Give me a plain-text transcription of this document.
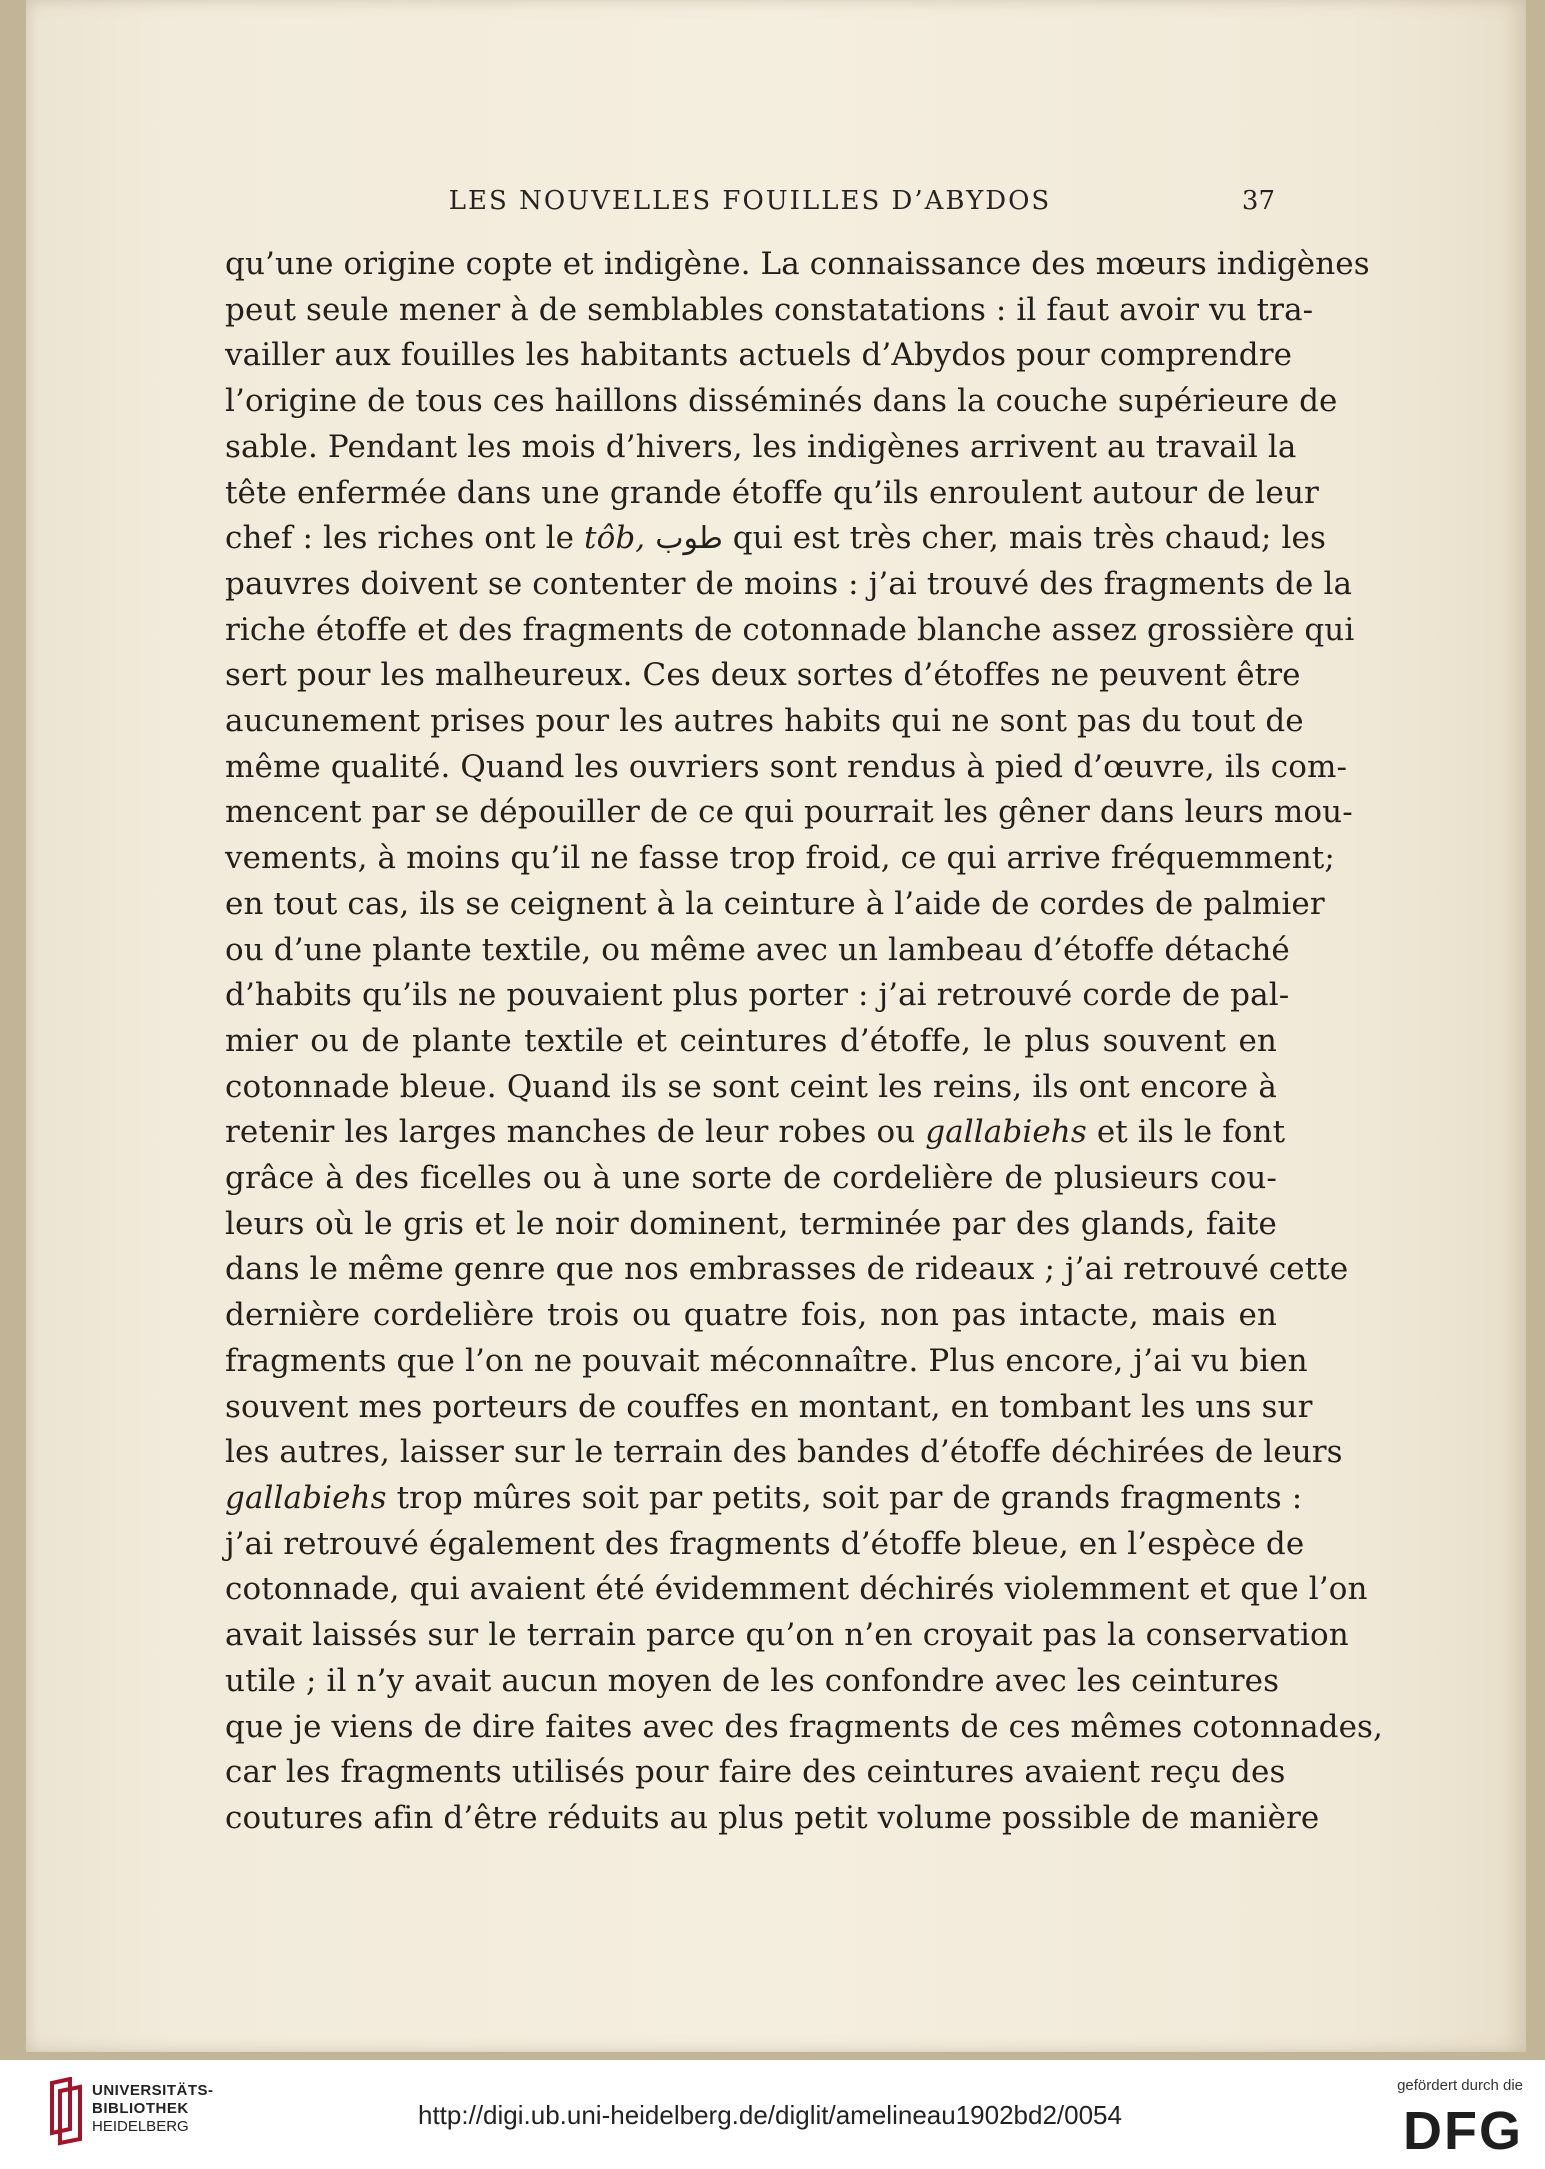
LES NOUVELLES FOUILLES D’ABYDOS	37
qu’une origine copte et indigène. La connaissance des mœurs indigènes
peut seule mener à de semblables constatations : il faut avoir vu tra-
vailler aux fouilles les habitants actuels d’Abydos pour comprendre
l’origine de tous ces haillons disséminés dans la couche supérieure de
sable. Pendant les mois d’hivers, les indigènes arrivent au travail la
tête enfermée dans une grande étoffe qu’ils enroulent autour de leur
chef : les riches ont le tôb, طوب qui est très cher, mais très chaud; les
pauvres doivent se contenter de moins : j’ai trouvé des fragments de la
riche étoffe et des fragments de cotonnade blanche assez grossière qui
sert pour les malheureux. Ces deux sortes d’étoffes ne peuvent être
aucunement prises pour les autres habits qui ne sont pas du tout de
même qualité. Quand les ouvriers sont rendus à pied d’œuvre, ils com-
mencent par se dépouiller de ce qui pourrait les gêner dans leurs mou-
vements, à moins qu’il ne fasse trop froid, ce qui arrive fréquemment;
en tout cas, ils se ceignent à la ceinture à l’aide de cordes de palmier
ou d’une plante textile, ou même avec un lambeau d’étoffe détaché
d’habits qu’ils ne pouvaient plus porter : j’ai retrouvé corde de pal-
mier ou de plante textile et ceintures d’étoffe, le plus souvent en
cotonnade bleue. Quand ils se sont ceint les reins, ils ont encore à
retenir les larges manches de leur robes ou gallabiehs et ils le font
grâce à des ficelles ou à une sorte de cordelière de plusieurs cou-
leurs où le gris et le noir dominent, terminée par des glands, faite
dans le même genre que nos embrasses de rideaux ; j’ai retrouvé cette
dernière cordelière trois ou quatre fois, non pas intacte, mais en
fragments que l’on ne pouvait méconnaître. Plus encore, j’ai vu bien
souvent mes porteurs de couffes en montant, en tombant les uns sur
les autres, laisser sur le terrain des bandes d’étoffe déchirées de leurs
gallabiehs trop mûres soit par petits, soit par de grands fragments :
j’ai retrouvé également des fragments d’étoffe bleue, en l’espèce de
cotonnade, qui avaient été évidemment déchirés violemment et que l’on
avait laissés sur le terrain parce qu’on n’en croyait pas la conservation
utile ; il n’y avait aucun moyen de les confondre avec les ceintures
que je viens de dire faites avec des fragments de ces mêmes cotonnades,
car les fragments utilisés pour faire des ceintures avaient reçu des
coutures afin d’être réduits au plus petit volume possible de manière
UNIVERSITÄTS-
BIBLIOTHEK
HEIDELBERG	http://digi.ub.uni-heidelberg.de/diglit/amelineau1902bd2/0054
gefördert durch die
DFG
